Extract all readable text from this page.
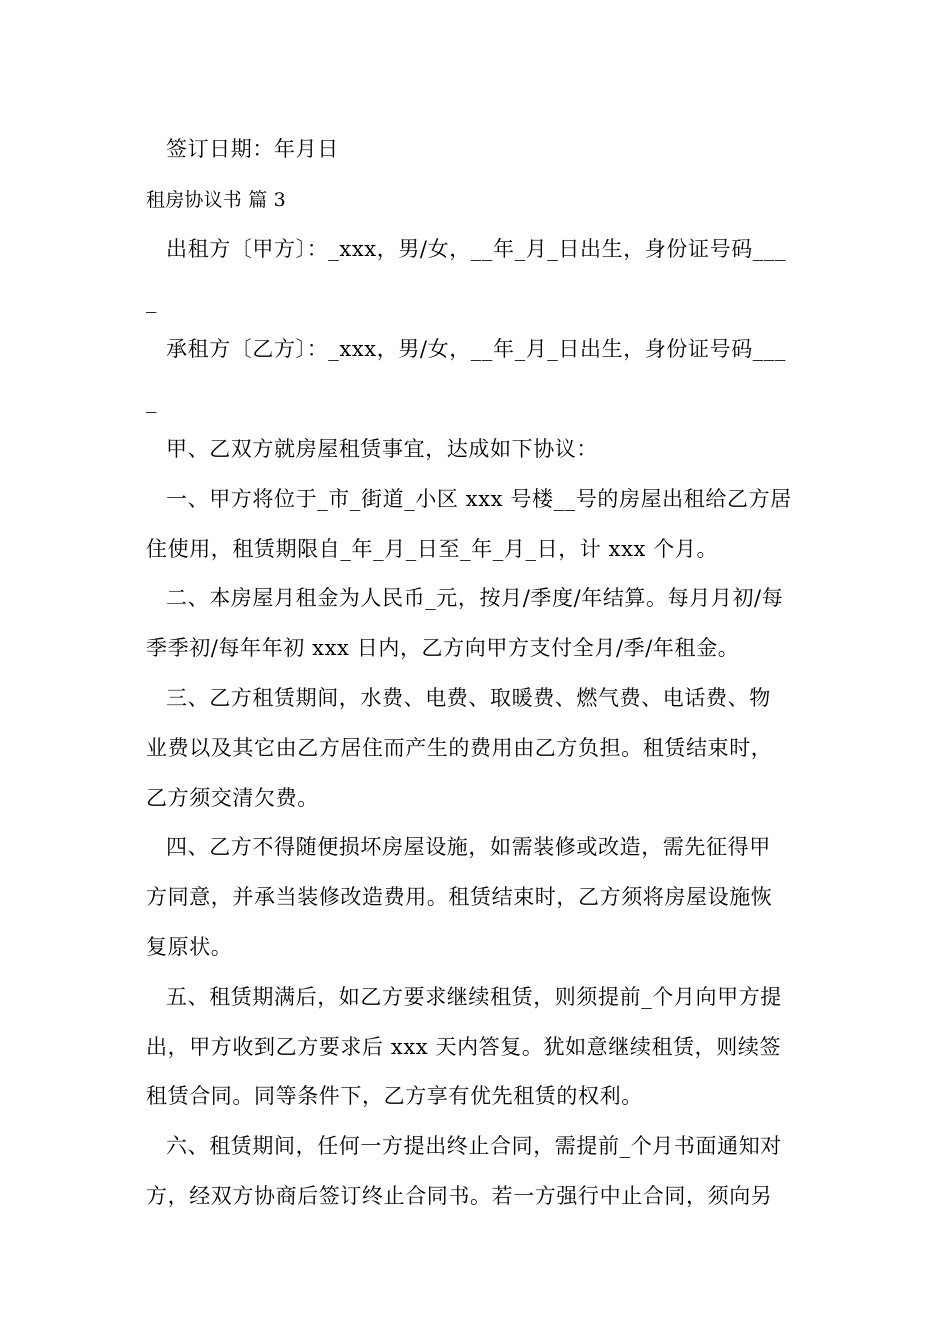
签订日期：年月日
租房协议书 篇 3
出租方〔甲方〕：_xxx，男/女，__年_月_日出生，身份证号码___
_
承租方〔乙方〕：_xxx，男/女，__年_月_日出生，身份证号码___
_
甲、乙双方就房屋租赁事宜，达成如下协议：
一、甲方将位于_市_街道_小区 xxx 号楼__号的房屋出租给乙方居
住使用，租赁期限自_年_月_日至_年_月_日，计 xxx 个月。
二、本房屋月租金为人民币_元，按月/季度/年结算。每月月初/每
季季初/每年年初 xxx 日内，乙方向甲方支付全月/季/年租金。
三、乙方租赁期间，水费、电费、取暖费、燃气费、电话费、物
业费以及其它由乙方居住而产生的费用由乙方负担。租赁结束时，
乙方须交清欠费。
四、乙方不得随便损坏房屋设施，如需装修或改造，需先征得甲
方同意，并承当装修改造费用。租赁结束时，乙方须将房屋设施恢
复原状。
五、租赁期满后，如乙方要求继续租赁，则须提前_个月向甲方提
出，甲方收到乙方要求后 xxx 天内答复。犹如意继续租赁，则续签
租赁合同。同等条件下，乙方享有优先租赁的权利。
六、租赁期间，任何一方提出终止合同，需提前_个月书面通知对
方，经双方协商后签订终止合同书。若一方强行中止合同，须向另
